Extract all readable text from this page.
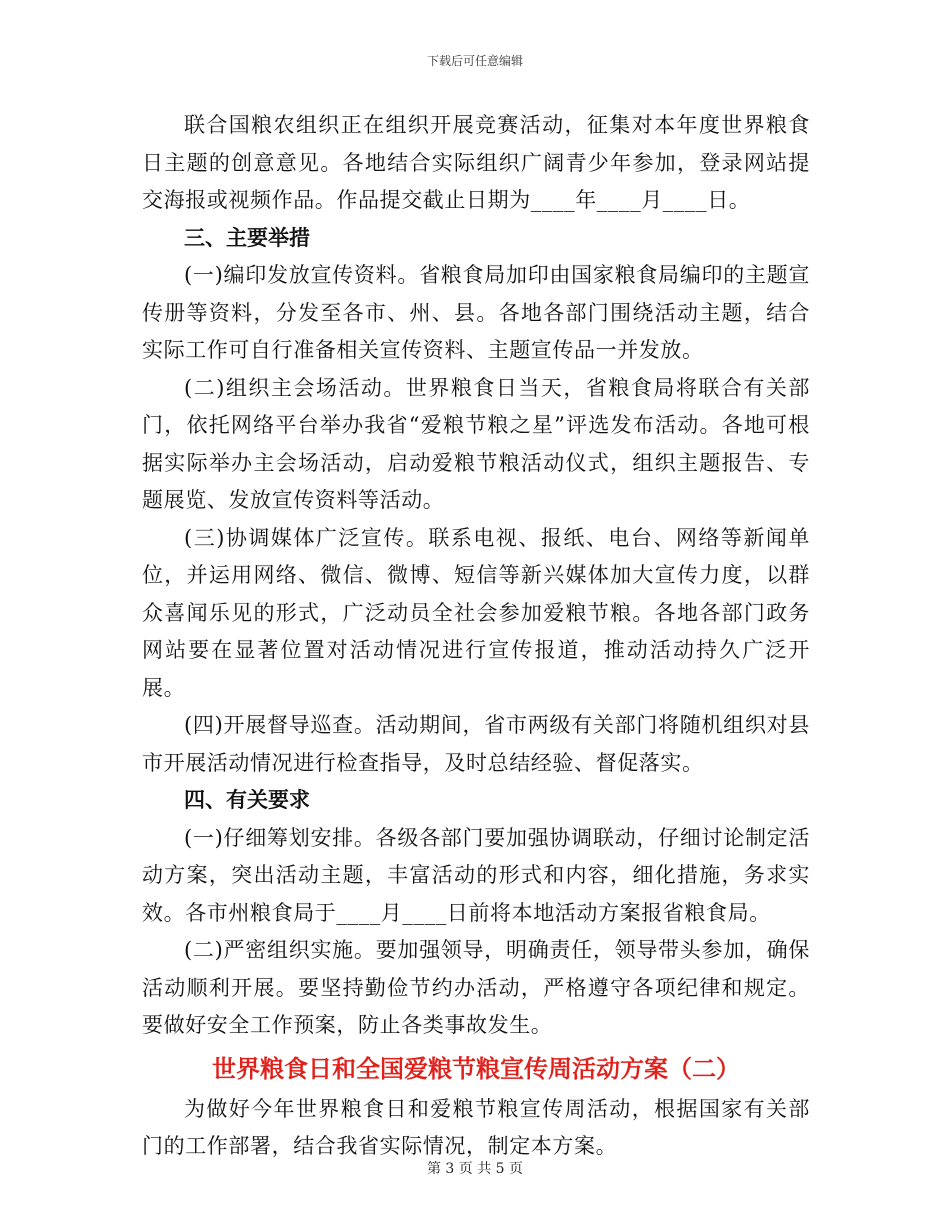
下载后可任意编辑

联合国粮农组织正在组织开展竞赛活动，征集对本年度世界粮食日主题的创意意见。各地结合实际组织广阔青少年参加，登录网站提交海报或视频作品。作品提交截止日期为____年____月____日。

三、主要举措

(一)编印发放宣传资料。省粮食局加印由国家粮食局编印的主题宣传册等资料，分发至各市、州、县。各地各部门围绕活动主题，结合实际工作可自行准备相关宣传资料、主题宣传品一并发放。

(二)组织主会场活动。世界粮食日当天，省粮食局将联合有关部门，依托网络平台举办我省“爱粮节粮之星”评选发布活动。各地可根据实际举办主会场活动，启动爱粮节粮活动仪式，组织主题报告、专题展览、发放宣传资料等活动。

(三)协调媒体广泛宣传。联系电视、报纸、电台、网络等新闻单位，并运用网络、微信、微博、短信等新兴媒体加大宣传力度，以群众喜闻乐见的形式，广泛动员全社会参加爱粮节粮。各地各部门政务网站要在显著位置对活动情况进行宣传报道，推动活动持久广泛开展。

(四)开展督导巡查。活动期间，省市两级有关部门将随机组织对县市开展活动情况进行检查指导，及时总结经验、督促落实。

四、有关要求

(一)仔细筹划安排。各级各部门要加强协调联动，仔细讨论制定活动方案，突出活动主题，丰富活动的形式和内容，细化措施，务求实效。各市州粮食局于____月____日前将本地活动方案报省粮食局。

(二)严密组织实施。要加强领导，明确责任，领导带头参加，确保活动顺利开展。要坚持勤俭节约办活动，严格遵守各项纪律和规定。要做好安全工作预案，防止各类事故发生。

世界粮食日和全国爱粮节粮宣传周活动方案（二）

为做好今年世界粮食日和爱粮节粮宣传周活动，根据国家有关部门的工作部署，结合我省实际情况，制定本方案。

第 3 页 共 5 页
